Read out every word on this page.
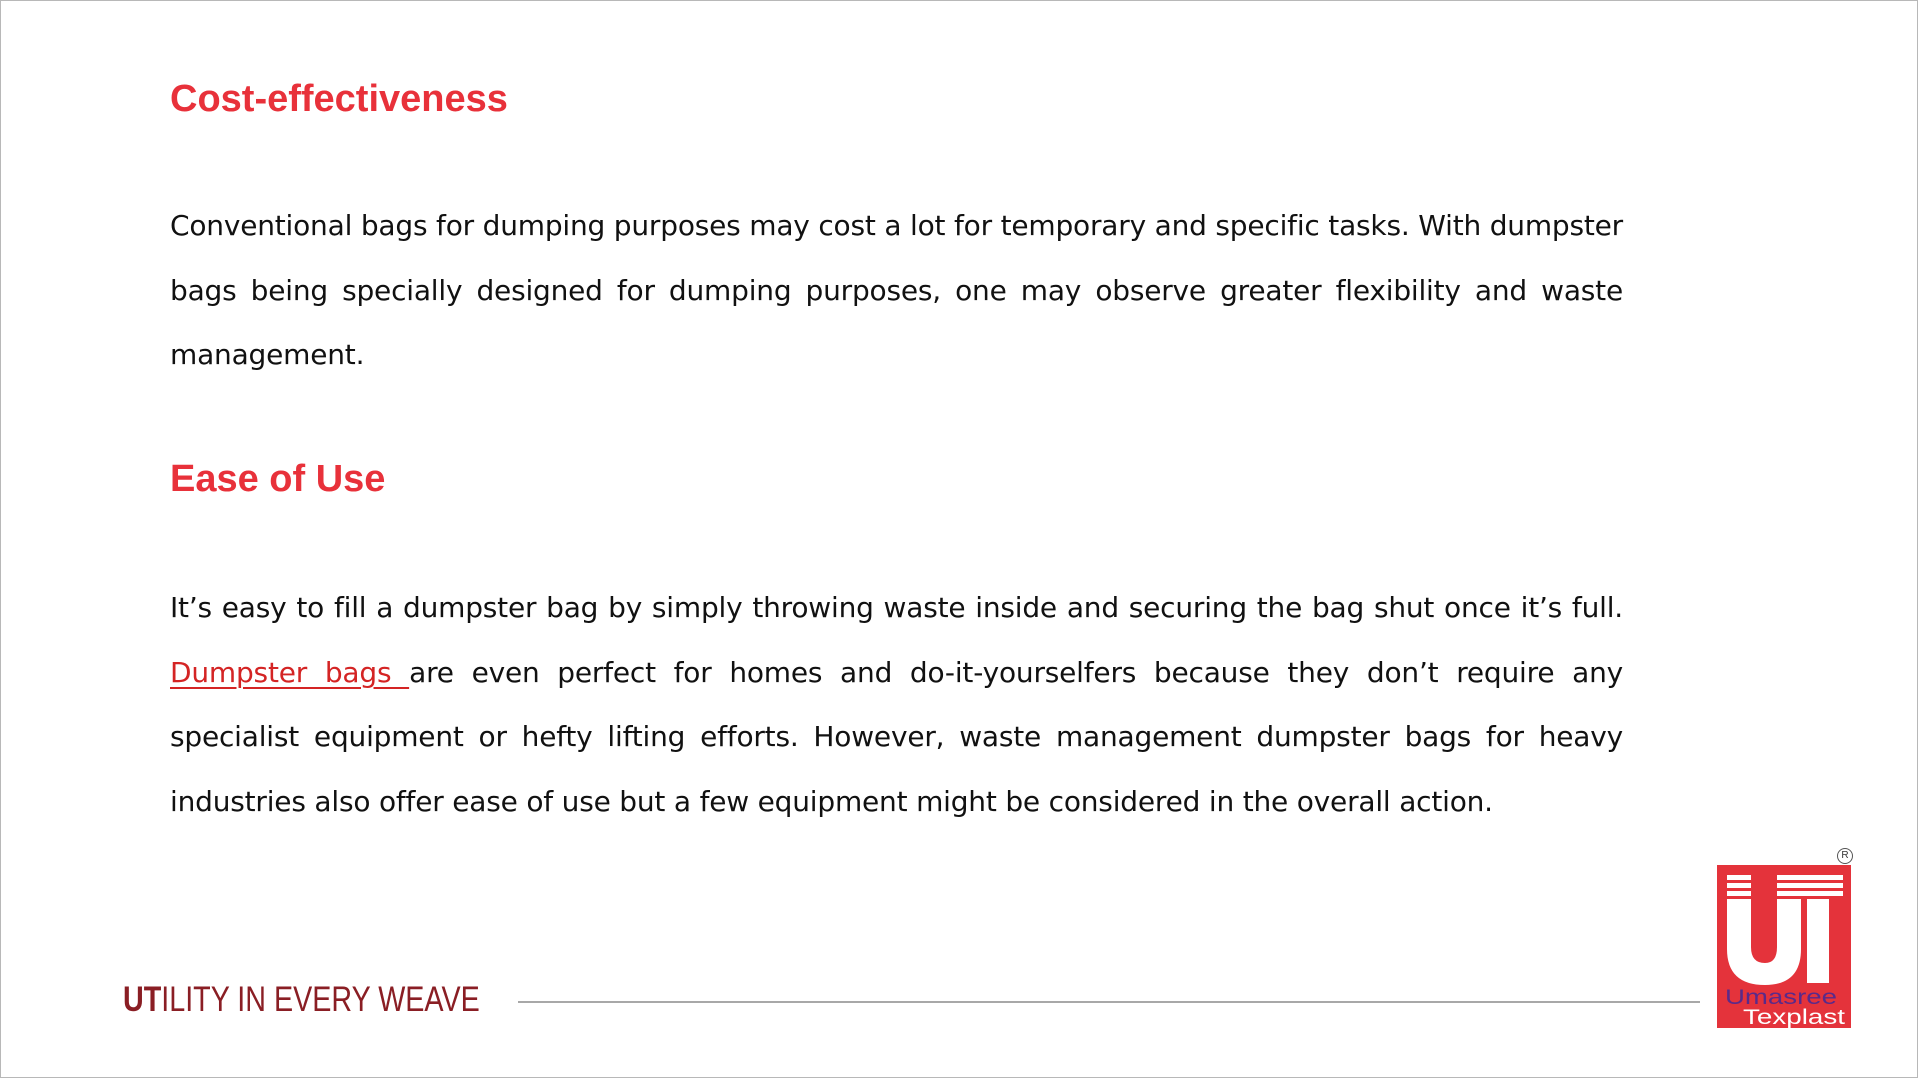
Cost-effectiveness

Conventional bags for dumping purposes may cost a lot for temporary and specific tasks. With dumpster bags being specially designed for dumping purposes, one may observe greater flexibility and waste management.

Ease of Use

It’s easy to fill a dumpster bag by simply throwing waste inside and securing the bag shut once it’s full. Dumpster bags are even perfect for homes and do-it-yourselfers because they don’t require any specialist equipment or hefty lifting efforts. However, waste management dumpster bags for heavy industries also offer ease of use but a few equipment might be considered in the overall action.

UTILITY IN EVERY WEAVE
R
Umasree
Texplast
